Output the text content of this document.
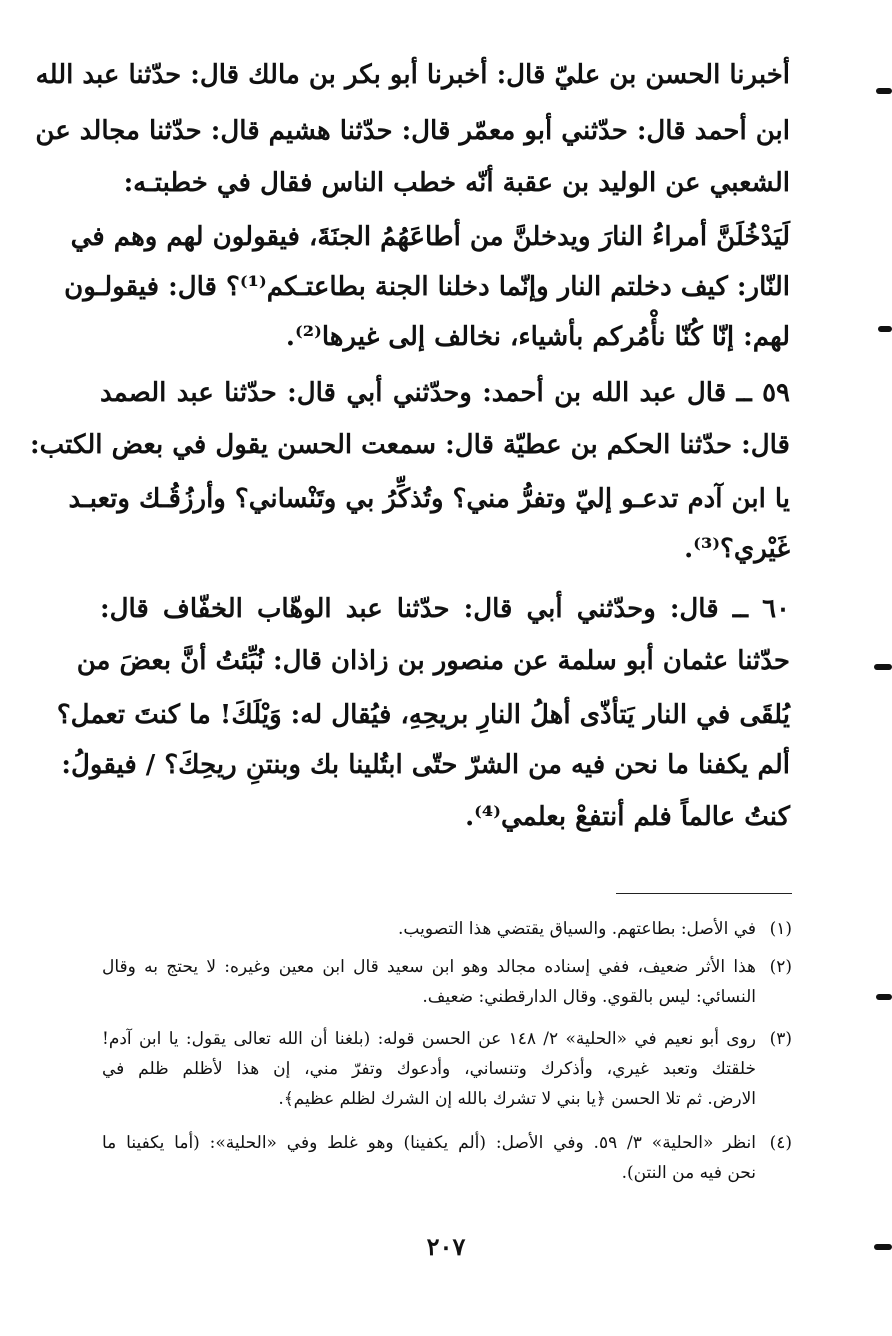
أخبرنا الحسن بن عليّ قال: أخبرنا أبو بكر بن مالك قال: حدّثنا عبد الله
ابن أحمد قال: حدّثني أبو معمّر قال: حدّثنا هشيم قال: حدّثنا مجالد عن
الشعبي عن الوليد بن عقبة أنّه خطب الناس فقال في خطبتـه:
لَيَدْخُلَنَّ أمراءُ النارَ ويدخلنَّ من أطاعَهُمُ الجنَةَ، فيقولون لهم وهم في
النّار: كيف دخلتم النار وإنّما دخلنا الجنة بطاعتـكم⁽¹⁾؟ قال: فيقولـون
لهم: إنّا كُنّا نأْمُركم بأشياء، نخالف إلى غيرها⁽²⁾.
٥٩ ــ قال عبد الله بن أحمد: وحدّثني أبي قال: حدّثنا عبد الصمد
قال: حدّثنا الحكم بن عطيّة قال: سمعت الحسن يقول في بعض الكتب:
يا ابن آدم تدعـو إليّ وتفرُّ مني؟ وتُذكِّرُ بي وتَنْساني؟ وأرزُقُـك وتعبـد
غَيْري؟⁽³⁾.
٦٠ ــ قال: وحدّثني أبي قال: حدّثنا عبد الوهّاب الخفّاف قال:
حدّثنا عثمان أبو سلمة عن منصور بن زاذان قال: نُبِّئتُ أنَّ بعضَ من
يُلقَى في النار يَتأذّى أهلُ النارِ بريحِهِ، فيُقال له: وَيْلَكَ! ما كنتَ تعمل؟
ألم يكفنا ما نحن فيه من الشرّ حتّى ابتُلينا بك وبنتنِ ريحِكَ؟ / فيقولُ:
كنتُ عالماً فلم أنتفعْ بعلمي⁽⁴⁾.
(١)
في الأصل: بطاعتهم. والسياق يقتضي هذا التصويب.
(٢)
هذا الأثر ضعيف، ففي إسناده مجالد وهو ابن سعيد قال ابن معين وغيره: لا يحتج به وقال
النسائي: ليس بالقوي. وقال الدارقطني: ضعيف.
(٣)
روى أبو نعيم في «الحلية» ٢/ ١٤٨ عن الحسن قوله: (بلغنا أن الله تعالى يقول: يا ابن آدم!
خلقتك وتعبد غيري، وأذكرك وتنساني، وأدعوك وتفرّ مني، إن هذا لأظلم ظلم في
الارض. ثم تلا الحسن ﴿يا بني لا تشرك بالله إن الشرك لظلم عظيم﴾.
(٤)
انظر «الحلية» ٣/ ٥٩. وفي الأصل: (ألم يكفينا) وهو غلط وفي «الحلية»: (أما يكفينا ما
نحن فيه من النتن).
٢٠٧
